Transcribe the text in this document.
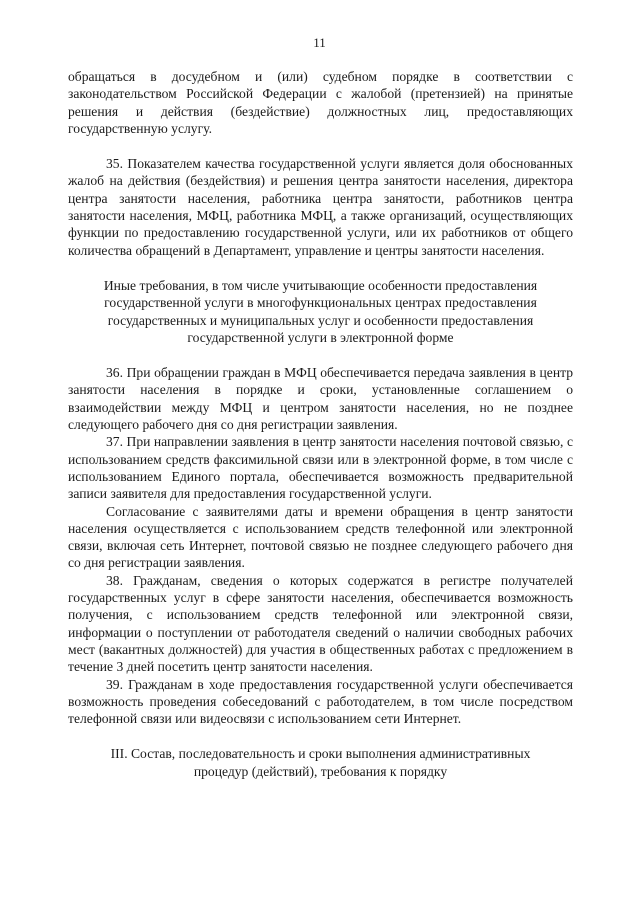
11

обращаться в досудебном и (или) судебном порядке в соответствии с законодательством Российской Федерации с жалобой (претензией) на принятые решения и действия (бездействие) должностных лиц, предоставляющих государственную услугу.

35. Показателем качества государственной услуги является доля обоснованных жалоб на действия (бездействия) и решения центра занятости населения, директора центра занятости населения, работника центра занятости, работников центра занятости населения, МФЦ, работника МФЦ, а также организаций, осуществляющих функции по предоставлению государственной услуги, или их работников от общего количества обращений в Департамент, управление и центры занятости населения.

Иные требования, в том числе учитывающие особенности предоставления государственной услуги в многофункциональных центрах предоставления государственных и муниципальных услуг и особенности предоставления государственной услуги в электронной форме

36. При обращении граждан в МФЦ обеспечивается передача заявления в центр занятости населения в порядке и сроки, установленные соглашением о взаимодействии между МФЦ и центром занятости населения, но не позднее следующего рабочего дня со дня регистрации заявления.

37. При направлении заявления в центр занятости населения почтовой связью, с использованием средств факсимильной связи или в электронной форме, в том числе с использованием Единого портала, обеспечивается возможность предварительной записи заявителя для предоставления государственной услуги.

Согласование с заявителями даты и времени обращения в центр занятости населения осуществляется с использованием средств телефонной или электронной связи, включая сеть Интернет, почтовой связью не позднее следующего рабочего дня со дня регистрации заявления.

38. Гражданам, сведения о которых содержатся в регистре получателей государственных услуг в сфере занятости населения, обеспечивается возможность получения, с использованием средств телефонной или электронной связи, информации о поступлении от работодателя сведений о наличии свободных рабочих мест (вакантных должностей) для участия в общественных работах с предложением в течение 3 дней посетить центр занятости населения.

39. Гражданам в ходе предоставления государственной услуги обеспечивается возможность проведения собеседований с работодателем, в том числе посредством телефонной связи или видеосвязи с использованием сети Интернет.

III. Состав, последовательность и сроки выполнения административных процедур (действий), требования к порядку
